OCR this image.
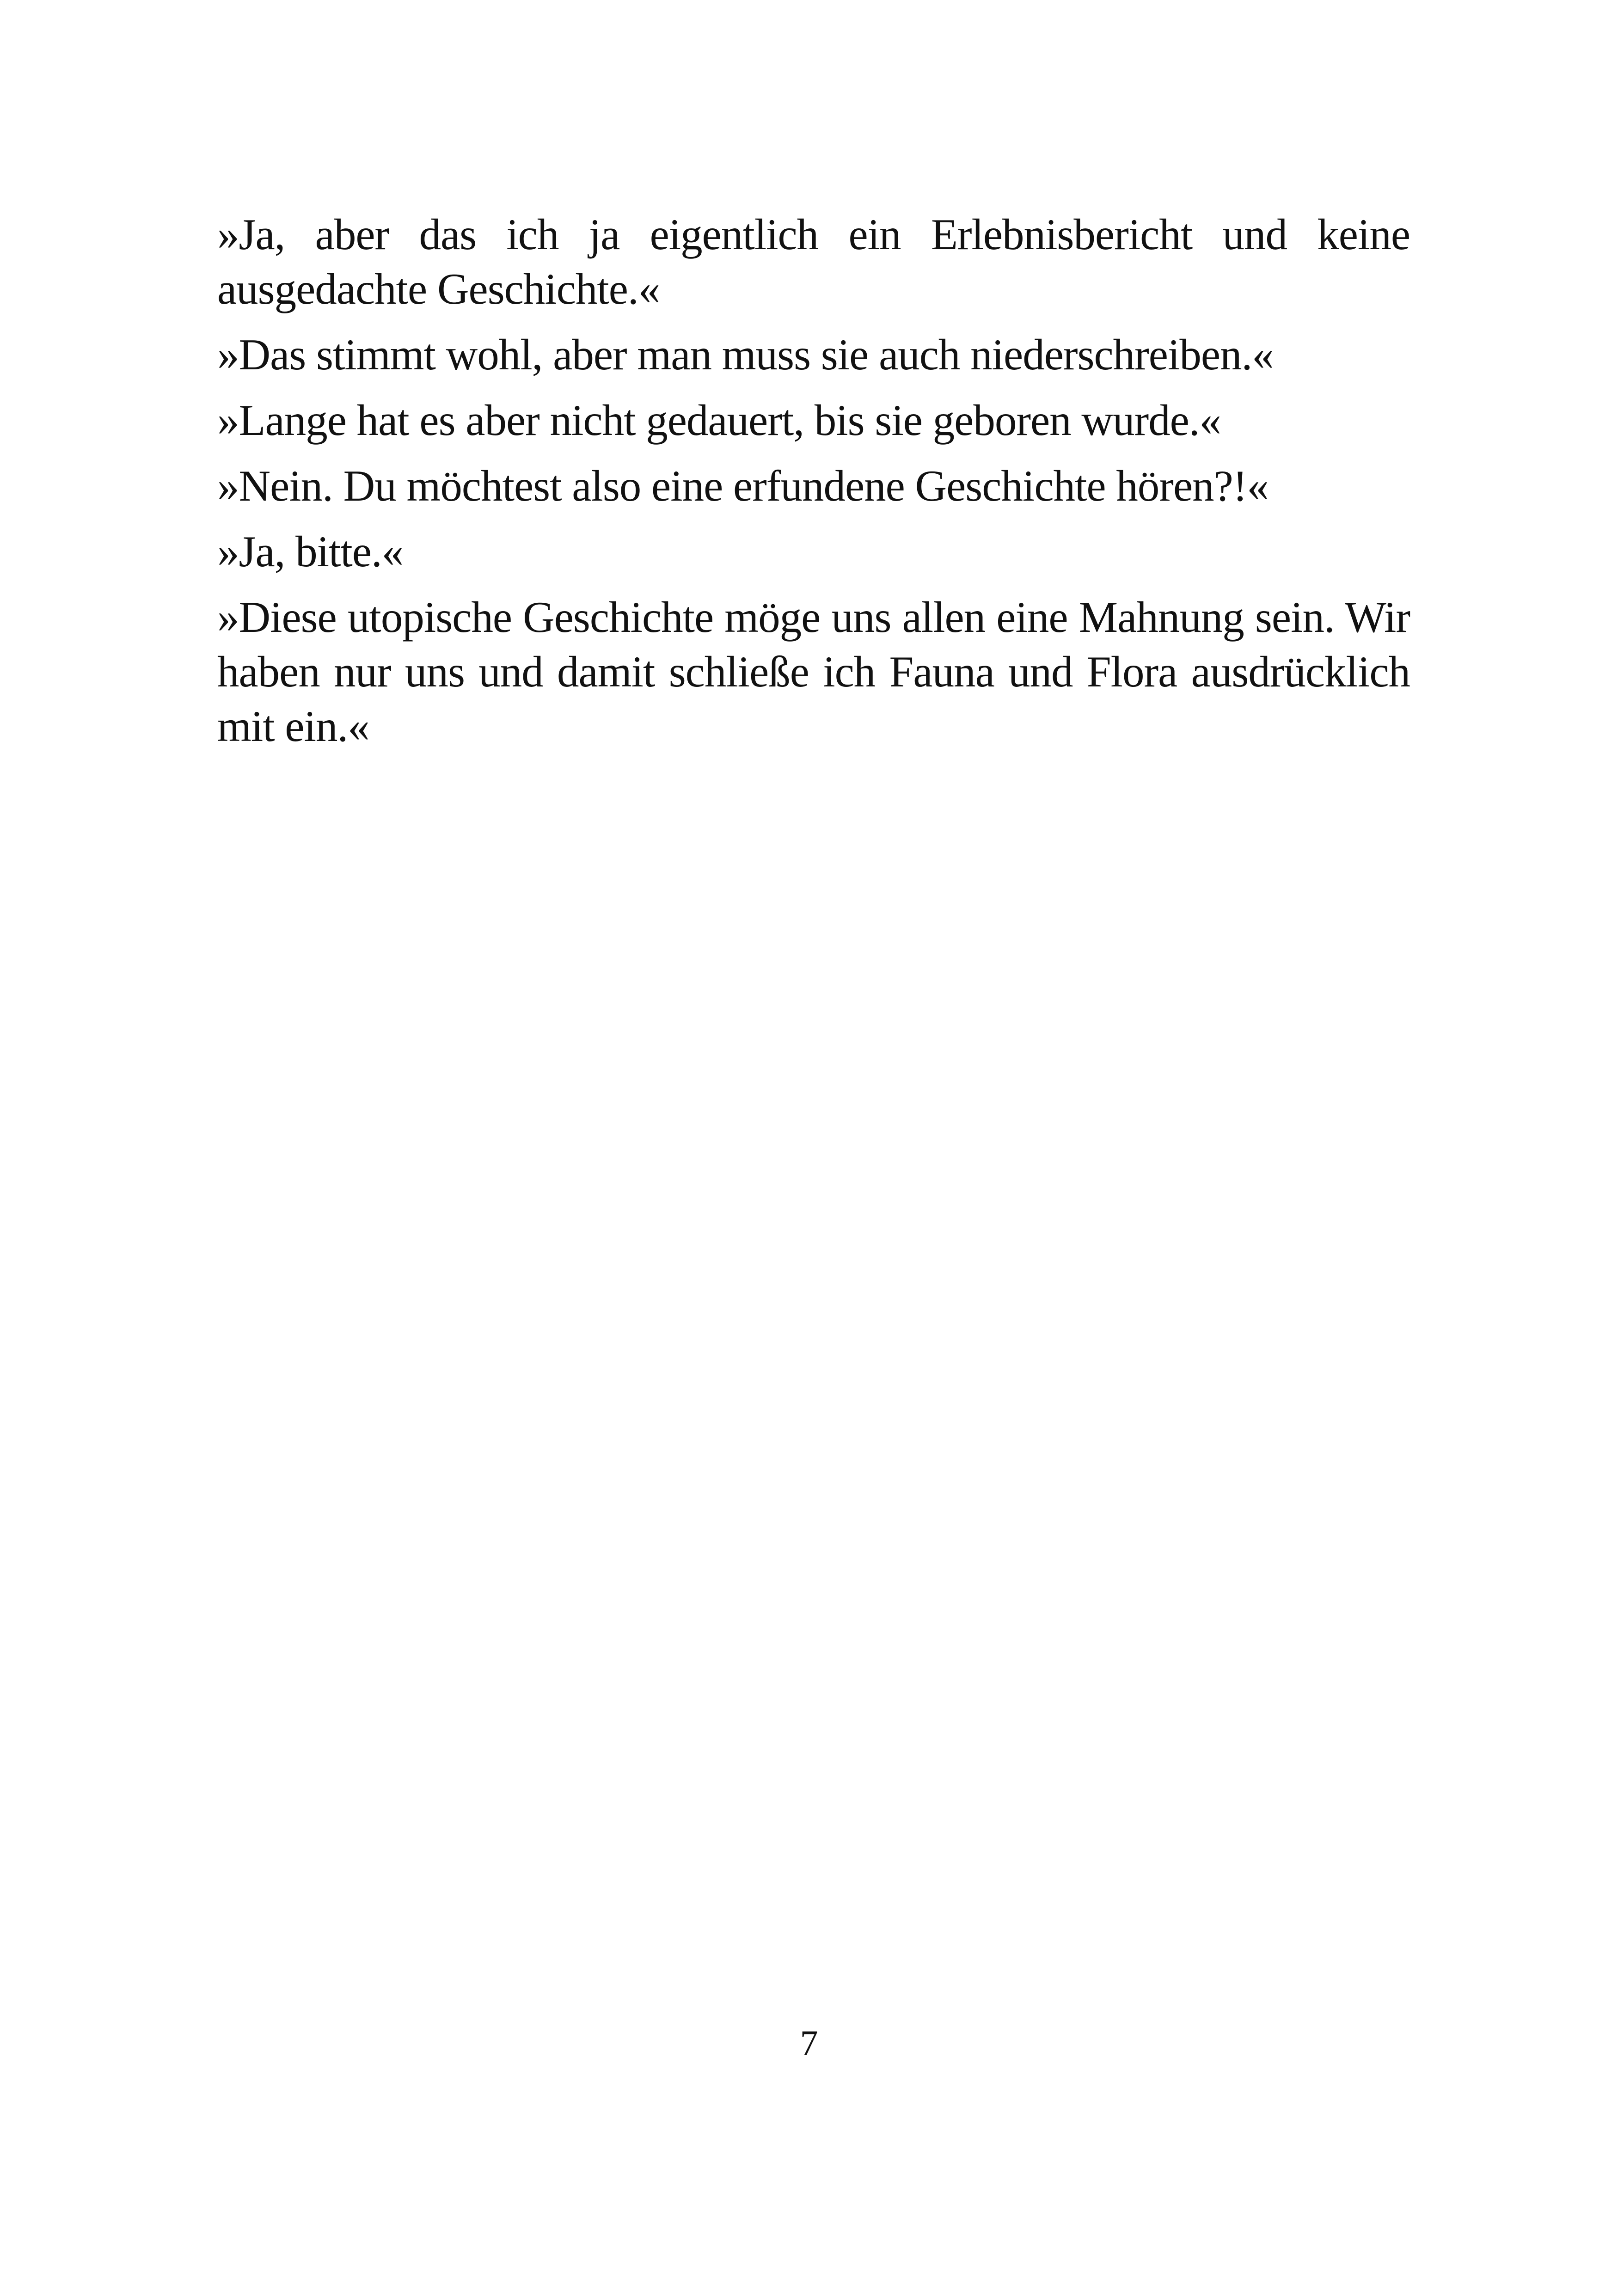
»Ja, aber das ich ja eigentlich ein Erlebnisbericht und keine ausgedachte Geschichte.«

»Das stimmt wohl, aber man muss sie auch niederschreiben.«

»Lange hat es aber nicht gedauert, bis sie geboren wurde.«

»Nein. Du möchtest also eine erfundene Geschichte hören?!«

»Ja, bitte.«

»Diese utopische Geschichte möge uns allen eine Mahnung sein. Wir haben nur uns und damit schließe ich Fauna und Flora ausdrücklich mit ein.«

7
